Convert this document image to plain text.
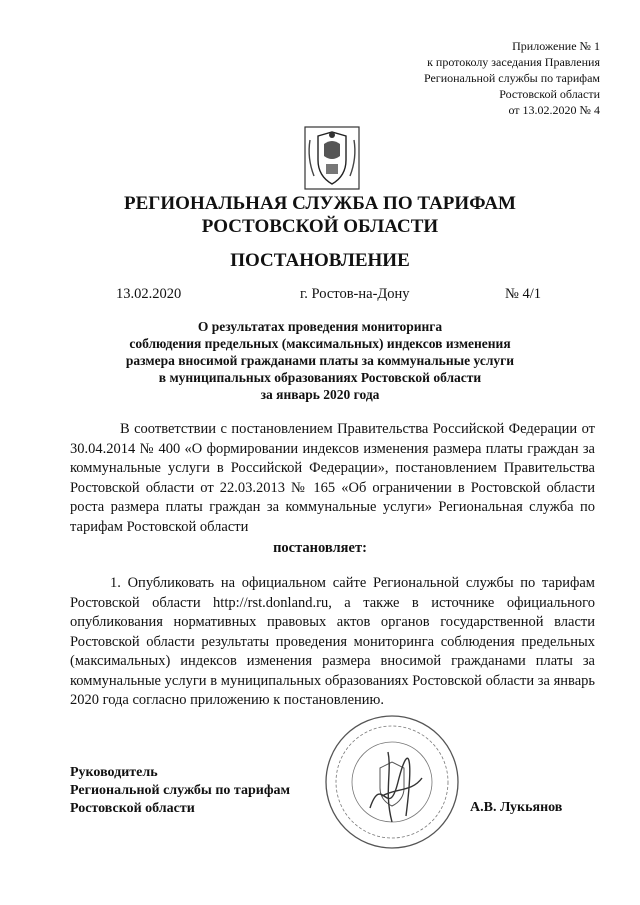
Приложение № 1
к протоколу заседания Правления
Региональной службы по тарифам
Ростовской области
от 13.02.2020 № 4
РЕГИОНАЛЬНАЯ СЛУЖБА ПО ТАРИФАМ
РОСТОВСКОЙ ОБЛАСТИ
ПОСТАНОВЛЕНИЕ
13.02.2020	г. Ростов-на-Дону	№ 4/1
О результатах проведения мониторинга
соблюдения предельных (максимальных) индексов изменения
размера вносимой гражданами платы за коммунальные услуги
в муниципальных образованиях Ростовской области
за январь 2020 года
В соответствии с постановлением Правительства Российской Федерации от 30.04.2014 № 400 «О формировании индексов изменения размера платы граждан за коммунальные услуги в Российской Федерации», постановлением Правительства Ростовской области от 22.03.2013 № 165 «Об ограничении в Ростовской области роста размера платы граждан за коммунальные услуги» Региональная служба по тарифам Ростовской области
постановляет:
1. Опубликовать на официальном сайте Региональной службы по тарифам Ростовской области http://rst.donland.ru, а также в источнике официального опубликования нормативных правовых актов органов государственной власти Ростовской области результаты проведения мониторинга соблюдения предельных (максимальных) индексов изменения размера вносимой гражданами платы за коммунальные услуги в муниципальных образованиях Ростовской области за январь 2020 года согласно приложению к постановлению.
Руководитель
Региональной службы по тарифам
Ростовской области	А.В. Лукьянов
